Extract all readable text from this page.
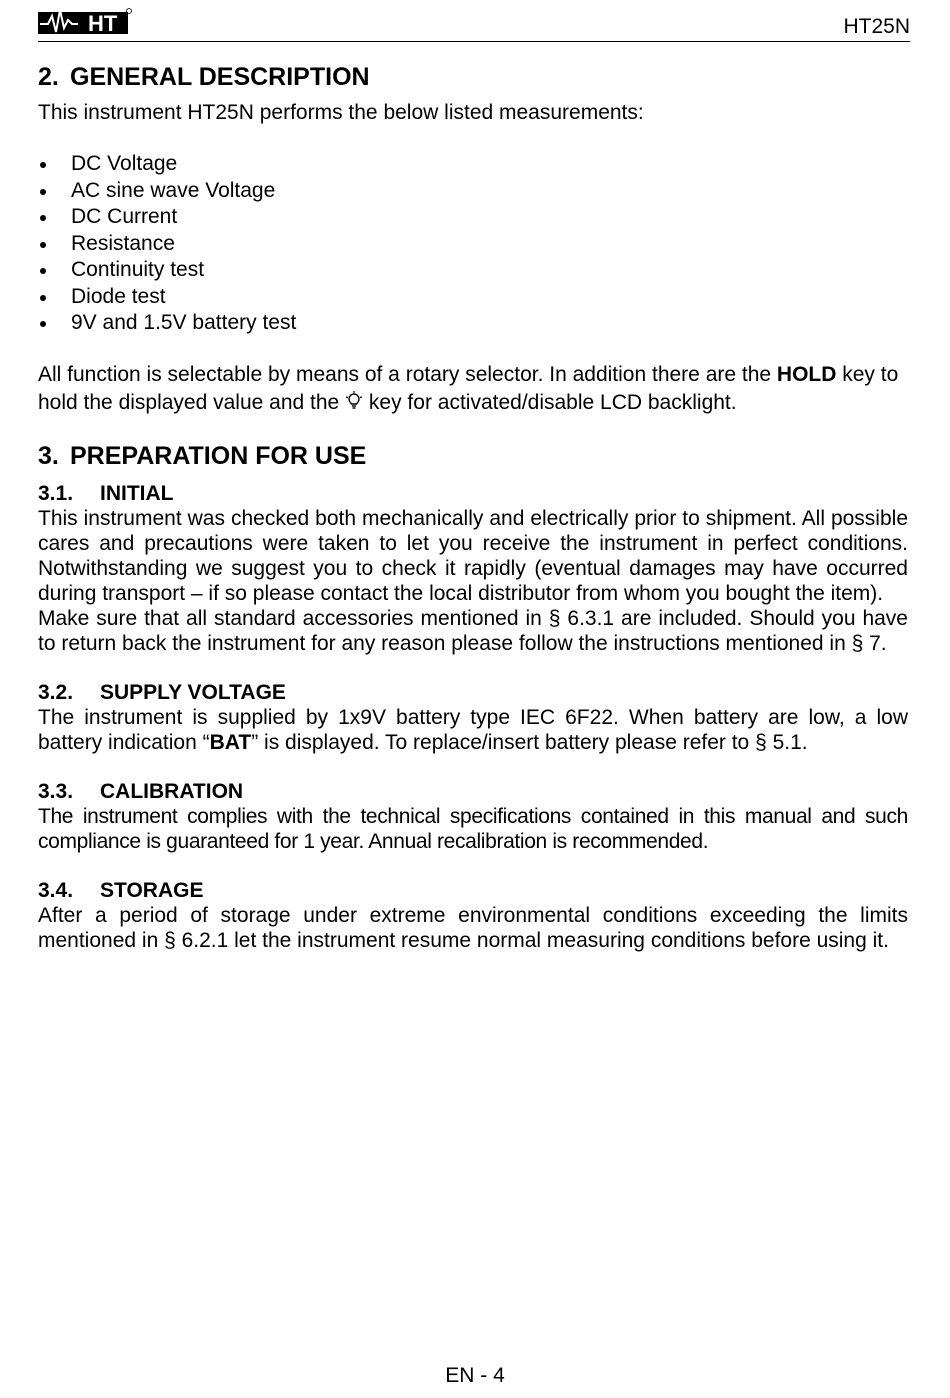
HT	HT25N
2. GENERAL DESCRIPTION

This instrument HT25N performs the below listed measurements:

DC Voltage
AC sine wave Voltage
DC Current
Resistance
Continuity test
Diode test
9V and 1.5V battery test

All function is selectable by means of a rotary selector. In addition there are the HOLD key to hold the displayed value and the  key for activated/disable LCD backlight.

3. PREPARATION FOR USE
3.1. INITIAL

This instrument was checked both mechanically and electrically prior to shipment. All possible cares and precautions were taken to let you receive the instrument in perfect conditions. Notwithstanding we suggest you to check it rapidly (eventual damages may have occurred during transport – if so please contact the local distributor from whom you bought the item).

Make sure that all standard accessories mentioned in § 6.3.1 are included. Should you have to return back the instrument for any reason please follow the instructions mentioned in § 7.

3.2. SUPPLY VOLTAGE

The instrument is supplied by 1x9V battery type IEC 6F22. When battery are low, a low battery indication “BAT” is displayed. To replace/insert battery please refer to § 5.1.

3.3. CALIBRATION

The instrument complies with the technical specifications contained in this manual and such compliance is guaranteed for 1 year. Annual recalibration is recommended.

3.4. STORAGE

After a period of storage under extreme environmental conditions exceeding the limits mentioned in § 6.2.1 let the instrument resume normal measuring conditions before using it.

EN - 4
